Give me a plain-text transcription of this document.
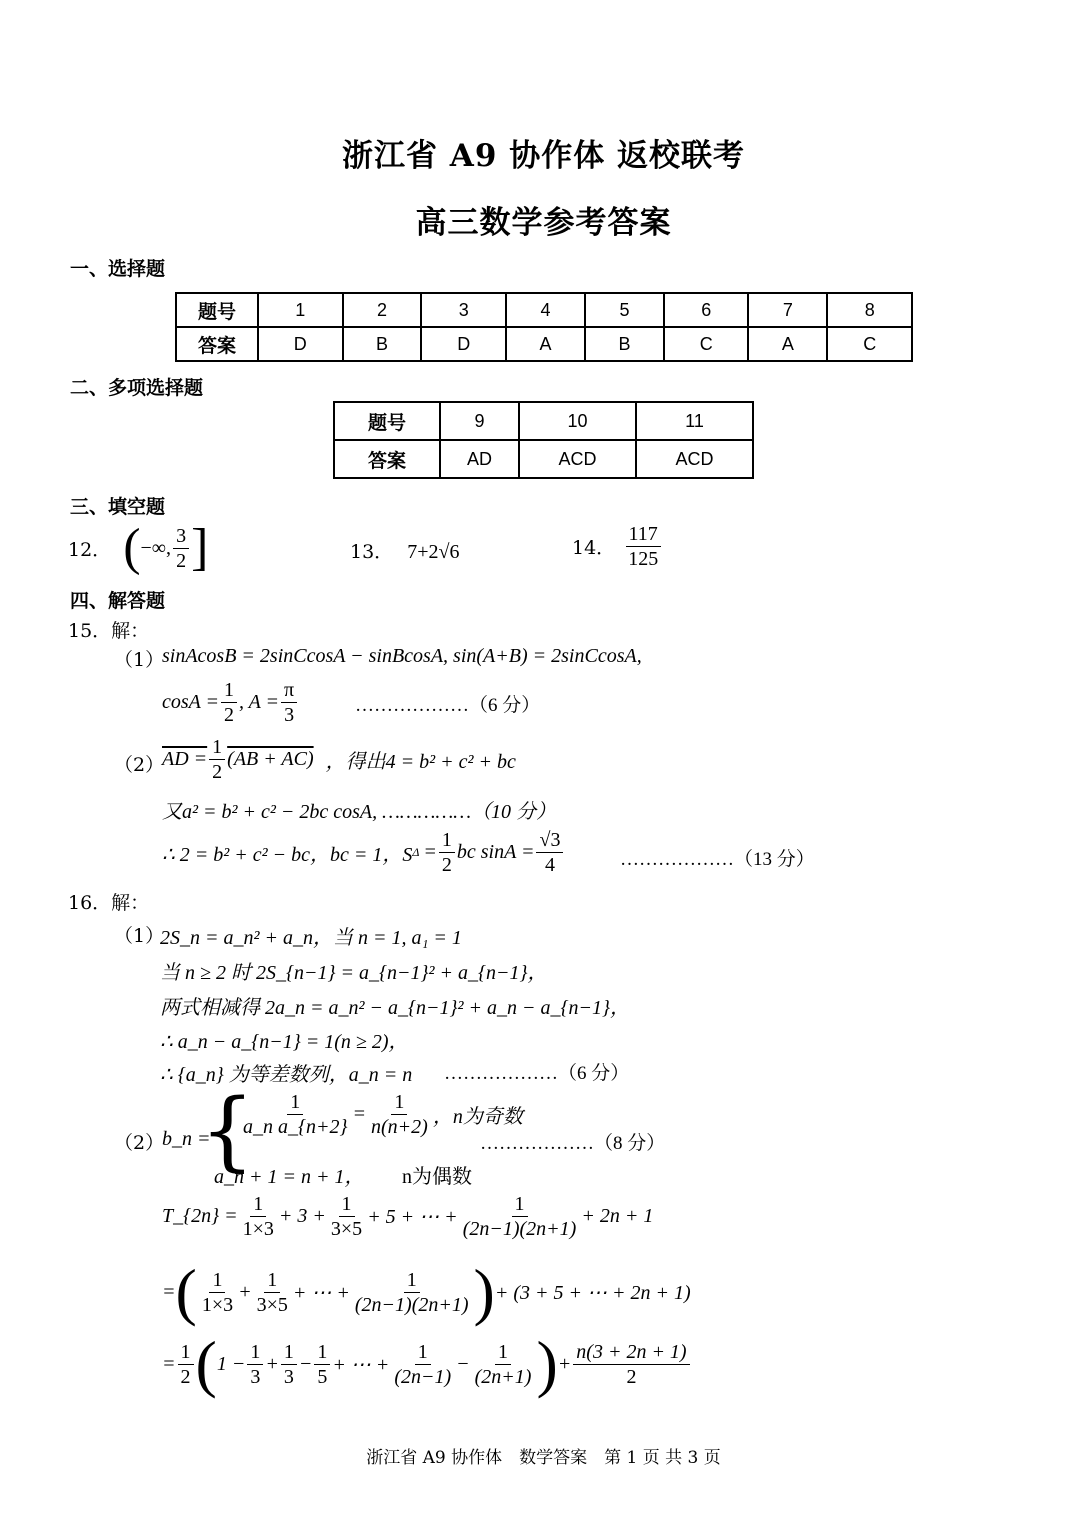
浙江省 A9 协作体 返校联考
高三数学参考答案
一、选择题
题号	1	2	3	4	5	6	7	8
答案	D	B	D	A	B	C	A	C
二、多项选择题
题号	9	10	11
答案	AD	ACD	ACD
三、填空题
12． ( −∞, $\frac{3}{2}$ ]	13． 7+2√6	14． $\frac{117}{125}$
四、解答题
15．解：
（1）
sinAcosB = 2sinCcosA − sinBcosA, sin(A+B) = 2sinCcosA,
$\cos A = \frac{1}{2}$ , $A = \frac{\pi}{3}$	………………（6 分）
（2）
AD = $\frac{1}{2} (AB + AC)$ ，得出4 = b² + c² + bc
又a² = b² + c² − 2bc cosA, ……………（10 分）
∴ 2 = b² + c² − bc，bc = 1，S $\Delta = \frac{1}{2}$ bc $\sin A = \frac{√3}{4}$	………………（13 分）
16．解：
（1）
2S_n = a_n² + a_n，当 n = 1, a₁ = 1
当 n ≥ 2 时 2S_{n−1} = a_{n−1}² + a_{n−1}，
两式相减得 2a_n = a_n² − a_{n−1}² + a_n − a_{n−1}，
∴ a_n − a_{n−1} = 1(n ≥ 2)，
∴ {a_n} 为等差数列，a_n = n ………………（6 分）
（2）
b_n =
{
$\frac{1}{\text{a\_n a\_\{n+2\}}} = \frac{1}{n(n+2)}$ ，n为奇数
a_n + 1 = n + 1， n为偶数
………………（8 分）
T_{2n} = $\frac{1}{1\times 3} + 3 + \frac{1}{3\times 5} + 5$ + ⋯ + $\frac{1}{(2n-1)(2n+1)} + 2n + 1$
= ( $\frac{1}{1\times 3} + \frac{1}{3\times 5}$ + ⋯ + $\frac{1}{(2n-1)(2n+1)}$ ) + (3 + 5 + ⋯ + 2n + 1)
= $\frac{1}{2}$ ( $1 - \frac{1}{3} + \frac{1}{3} - \frac{1}{5}$ + ⋯ + $\frac{1}{(2n-1)} - \frac{1}{(2n+1)}$ ) + $\frac{n(3 + 2n + 1)}{2}$
浙江省 A9 协作体　数学答案　第 1 页 共 3 页
